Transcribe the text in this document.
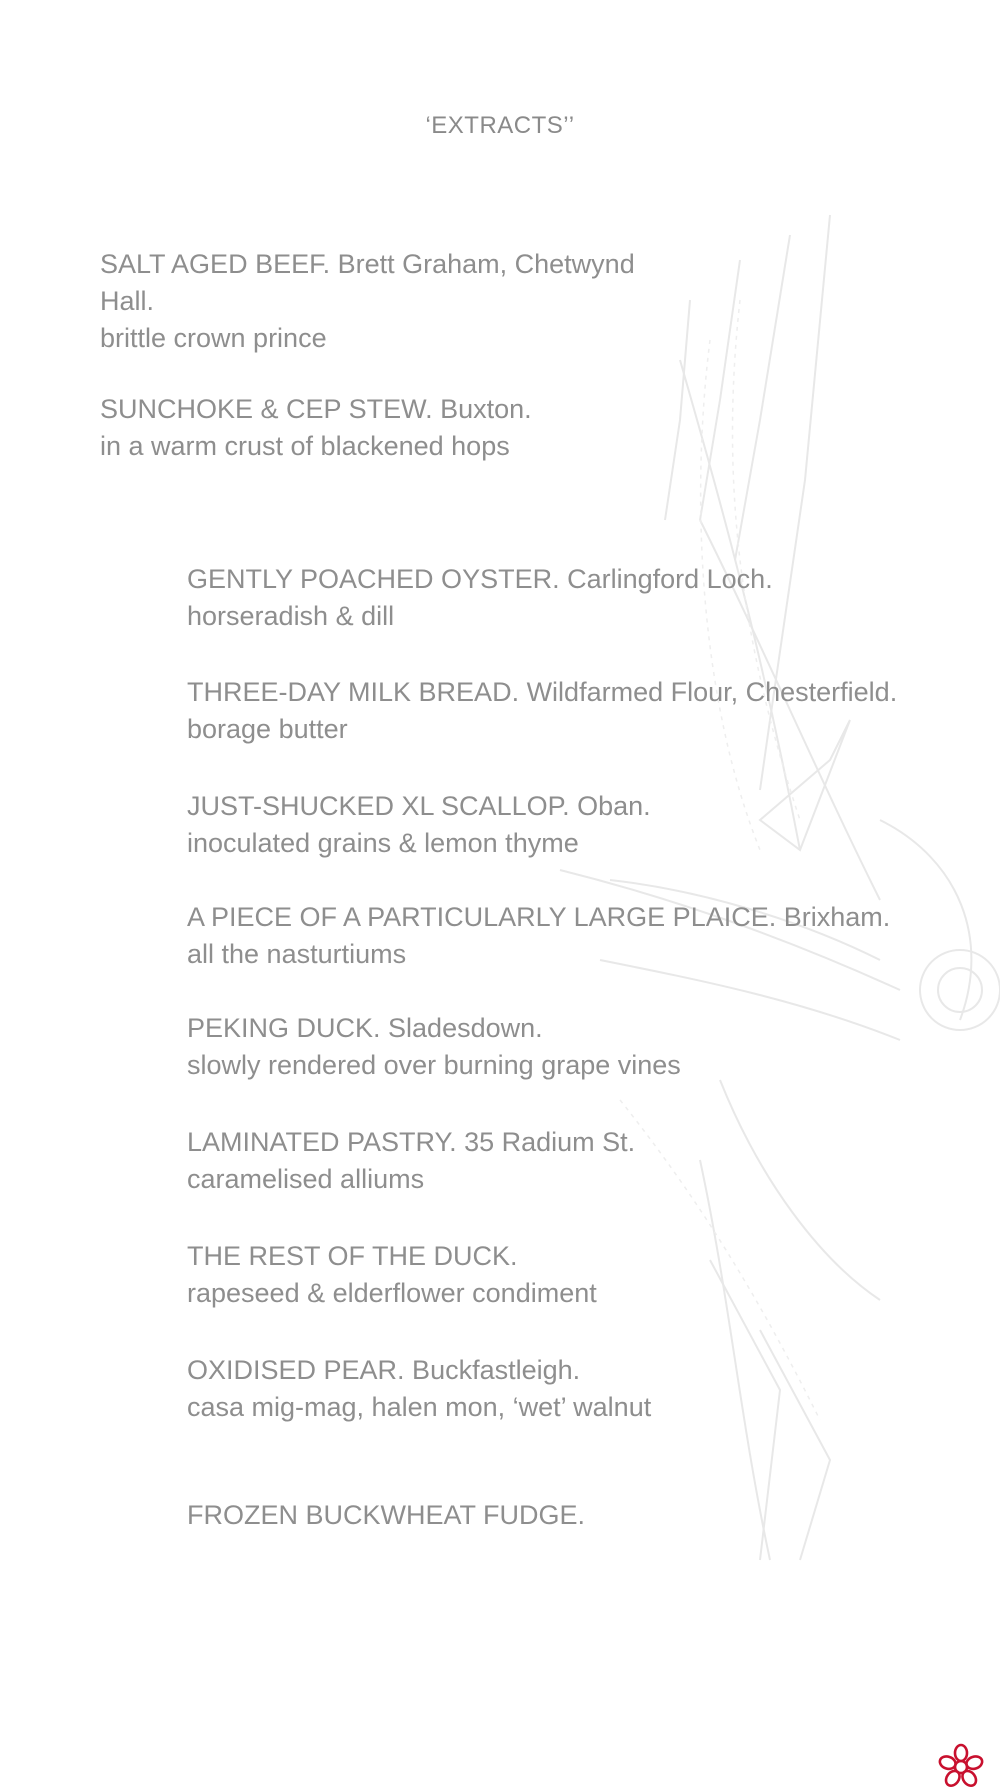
‘EXTRACTS’’
SALT AGED BEEF. Brett Graham, Chetwynd
Hall.
brittle crown prince
SUNCHOKE & CEP STEW. Buxton.
in a warm crust of blackened hops
GENTLY POACHED OYSTER. Carlingford Loch.
horseradish & dill
THREE-DAY MILK BREAD. Wildfarmed Flour, Chesterfield.
borage butter
JUST-SHUCKED XL SCALLOP. Oban.
inoculated grains & lemon thyme
A PIECE OF A PARTICULARLY LARGE PLAICE. Brixham.
all the nasturtiums
PEKING DUCK. Sladesdown.
slowly rendered over burning grape vines
LAMINATED PASTRY. 35 Radium St.
caramelised alliums
THE REST OF THE DUCK.
rapeseed & elderflower condiment
OXIDISED PEAR. Buckfastleigh.
casa mig-mag, halen mon, ‘wet’ walnut
FROZEN BUCKWHEAT FUDGE.
